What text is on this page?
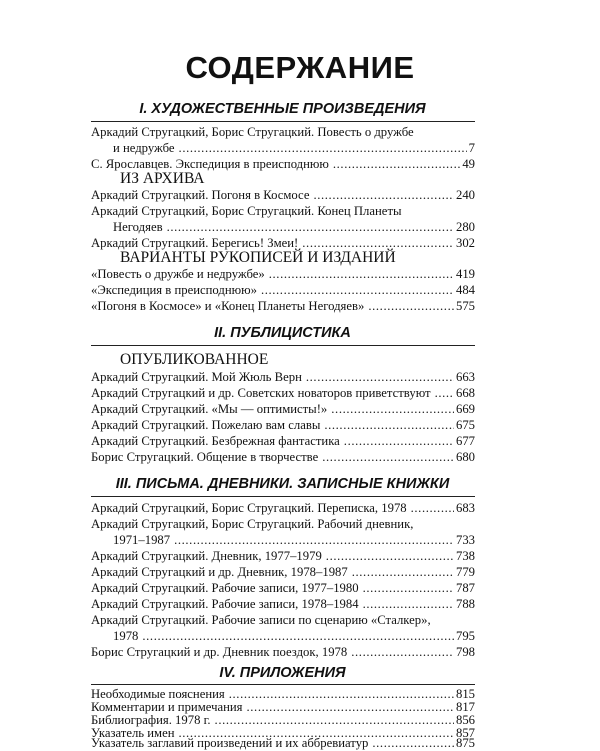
СОДЕРЖАНИЕ
I. ХУДОЖЕСТВЕННЫЕ ПРОИЗВЕДЕНИЯ
Аркадий Стругацкий, Борис Стругацкий. Повесть о дружбе
и недружбе .....	7
С. Ярославцев. Экспедиция в преисподнюю .....	49
ИЗ АРХИВА
Аркадий Стругацкий. Погоня в Космосе .....	240
Аркадий Стругацкий, Борис Стругацкий. Конец Планеты
Негодяев .....	280
Аркадий Стругацкий. Берегись! Змеи! .....	302
ВАРИАНТЫ РУКОПИСЕЙ И ИЗДАНИЙ
«Повесть о дружбе и недружбе» .....	419
«Экспедиция в преисподнюю» .....	484
«Погоня в Космосе» и «Конец Планеты Негодяев» .....	575
II. ПУБЛИЦИСТИКА
ОПУБЛИКОВАННОЕ
Аркадий Стругацкий. Мой Жюль Верн .....	663
Аркадий Стругацкий и др. Советских новаторов приветствуют ..... 668
Аркадий Стругацкий. «Мы — оптимисты!» .....	669
Аркадий Стругацкий. Пожелаю вам славы .....	675
Аркадий Стругацкий. Безбрежная фантастика .....	677
Борис Стругацкий. Общение в творчестве .....	680
III. ПИСЬМА. ДНЕВНИКИ. ЗАПИСНЫЕ КНИЖКИ
Аркадий Стругацкий, Борис Стругацкий. Переписка, 1978 .....	683
Аркадий Стругацкий, Борис Стругацкий. Рабочий дневник,
1971–1987 .....	733
Аркадий Стругацкий. Дневник, 1977–1979 .....	738
Аркадий Стругацкий и др. Дневник, 1978–1987 .....	779
Аркадий Стругацкий. Рабочие записи, 1977–1980 .....	787
Аркадий Стругацкий. Рабочие записи, 1978–1984 .....	788
Аркадий Стругацкий. Рабочие записи по сценарию «Сталкер»,
1978 .....	795
Борис Стругацкий и др. Дневник поездок, 1978 .....	798
IV. ПРИЛОЖЕНИЯ
Необходимые пояснения .....	815
Комментарии и примечания .....	817
Библиография. 1978 г. .....	856
Указатель имен .....	857
Указатель заглавий произведений и их аббревиатур .....	875
